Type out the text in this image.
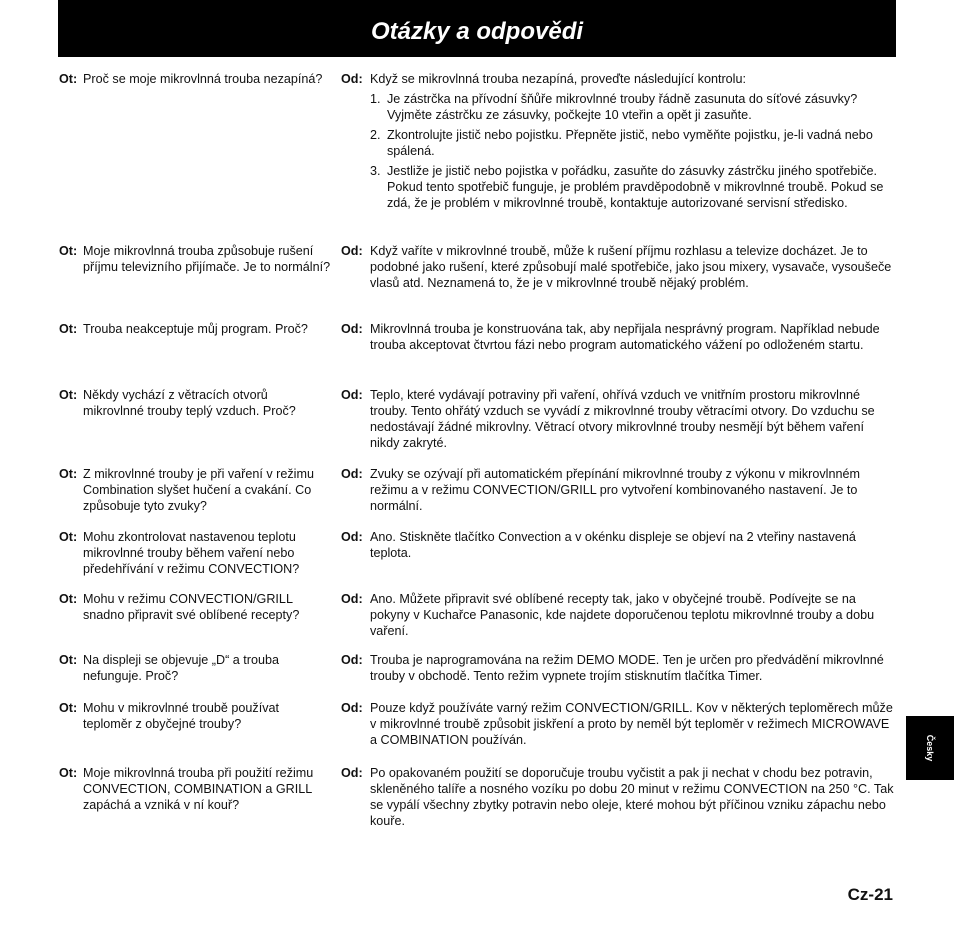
Otázky a odpovědi
Ot: Proč se moje mikrovlnná trouba nezapíná?	Od: Když se mikrovlnná trouba nezapíná, proveďte následující kontrolu:
1. Je zástrčka na přívodní šňůře mikrovlnné trouby řádně zasunuta do síťové zásuvky? Vyjměte zástrčku ze zásuvky, počkejte 10 vteřin a opět ji zasuňte.
2. Zkontrolujte jistič nebo pojistku. Přepněte jistič, nebo vyměňte pojistku, je-li vadná nebo spálená.
3. Jestliže je jistič nebo pojistka v pořádku, zasuňte do zásuvky zástrčku jiného spotřebiče. Pokud tento spotřebič funguje, je problém pravděpodobně v mikrovlnné troubě. Pokud se zdá, že je problém v mikrovlnné troubě, kontaktuje autorizované servisní středisko.
Ot: Moje mikrovlnná trouba způsobuje rušení příjmu televizního přijímače. Je to normální?
Od: Když vaříte v mikrovlnné troubě, může k rušení příjmu rozhlasu a televize docházet. Je to podobné jako rušení, které způsobují malé spotřebiče, jako jsou mixery, vysavače, vysoušeče vlasů atd. Neznamená to, že je v mikrovlnné troubě nějaký problém.
Ot: Trouba neakceptuje můj program. Proč?	Od: Mikrovlnná trouba je konstruována tak, aby nepřijala nesprávný program. Například nebude trouba akceptovat čtvrtou fázi nebo program automatického vážení po odloženém startu.
Ot: Někdy vychází z větracích otvorů mikrovlnné trouby teplý vzduch. Proč?
Od: Teplo, které vydávají potraviny při vaření, ohřívá vzduch ve vnitřním prostoru mikrovlnné trouby. Tento ohřátý vzduch se vyvádí z mikrovlnné trouby větracími otvory. Do vzduchu se nedostávají žádné mikrovlny. Větrací otvory mikrovlnné trouby nesmějí být během vaření nikdy zakryté.
Ot: Z mikrovlnné trouby je při vaření v režimu Combination slyšet hučení a cvakání. Co způsobuje tyto zvuky?
Od: Zvuky se ozývají při automatickém přepínání mikrovlnné trouby z výkonu v mikrovlnném režimu a v režimu CONVECTION/GRILL pro vytvoření kombinovaného nastavení. Je to normální.
Ot: Mohu zkontrolovat nastavenou teplotu mikrovlnné trouby během vaření nebo předehřívání v režimu CONVECTION?
Od: Ano. Stiskněte tlačítko Convection a v okénku displeje se objeví na 2 vteřiny nastavená teplota.
Ot: Mohu v režimu CONVECTION/GRILL snadno připravit své oblíbené recepty?
Od: Ano. Můžete připravit své oblíbené recepty tak, jako v obyčejné troubě. Podívejte se na pokyny v Kuchařce Panasonic, kde najdete doporučenou teplotu mikrovlnné trouby a dobu vaření.
Ot: Na displeji se objevuje „D“ a trouba nefunguje. Proč?
Od: Trouba je naprogramována na režim DEMO MODE. Ten je určen pro předvádění mikrovlnné trouby v obchodě. Tento režim vypnete trojím stisknutím tlačítka Timer.
Ot: Mohu v mikrovlnné troubě používat teploměr z obyčejné trouby?
Od: Pouze když používáte varný režim CONVECTION/GRILL. Kov v některých teploměrech může v mikrovlnné troubě způsobit jiskření a proto by neměl být teploměr v režimech MICROWAVE a COMBINATION používán.
Ot: Moje mikrovlnná trouba při použití režimu CONVECTION, COMBINATION a GRILL zapáchá a vzniká v ní kouř?
Od: Po opakovaném použití se doporučuje troubu vyčistit a pak ji nechat v chodu bez potravin, skleněného talíře a nosného vozíku po dobu 20 minut v režimu CONVECTION na 250 °C. Tak se vypálí všechny zbytky potravin nebo oleje, které mohou být příčinou vzniku zápachu nebo kouře.
Česky
Cz-21
